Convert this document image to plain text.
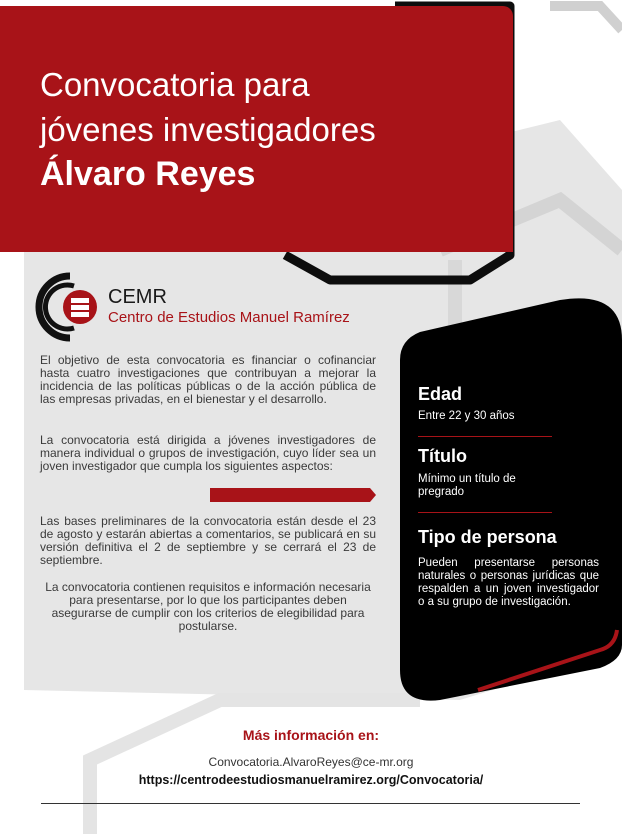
Convocatoria para
jóvenes investigadores
Álvaro Reyes
CEMR
Centro de Estudios Manuel Ramírez

El objetivo de esta convocatoria es financiar o cofinanciar hasta cuatro investigaciones que contribuyan a mejorar la incidencia de las políticas públicas o de la acción pública de las empresas privadas, en el bienestar y el desarrollo.

La convocatoria está dirigida a jóvenes investigadores de manera individual o grupos de investigación, cuyo líder sea un joven investigador que cumpla los siguientes aspectos:

Las bases preliminares de la convocatoria están desde el 23 de agosto y estarán abiertas a comentarios, se publicará en su versión definitiva el 2 de septiembre y se cerrará el 23 de septiembre.

La convocatoria contienen requisitos e información necesaria para presentarse, por lo que los participantes deben asegurarse de cumplir con los criterios de elegibilidad para postularse.

Edad
Entre 22 y 30 años
Título
Mínimo un título de pregrado
Tipo de persona
Pueden presentarse personas naturales o personas jurídicas que respalden a un joven investigador o a su grupo de investigación.
Más información en:
Convocatoria.AlvaroReyes@ce-mr.org
https://centrodeestudiosmanuelramirez.org/Convocatoria/
